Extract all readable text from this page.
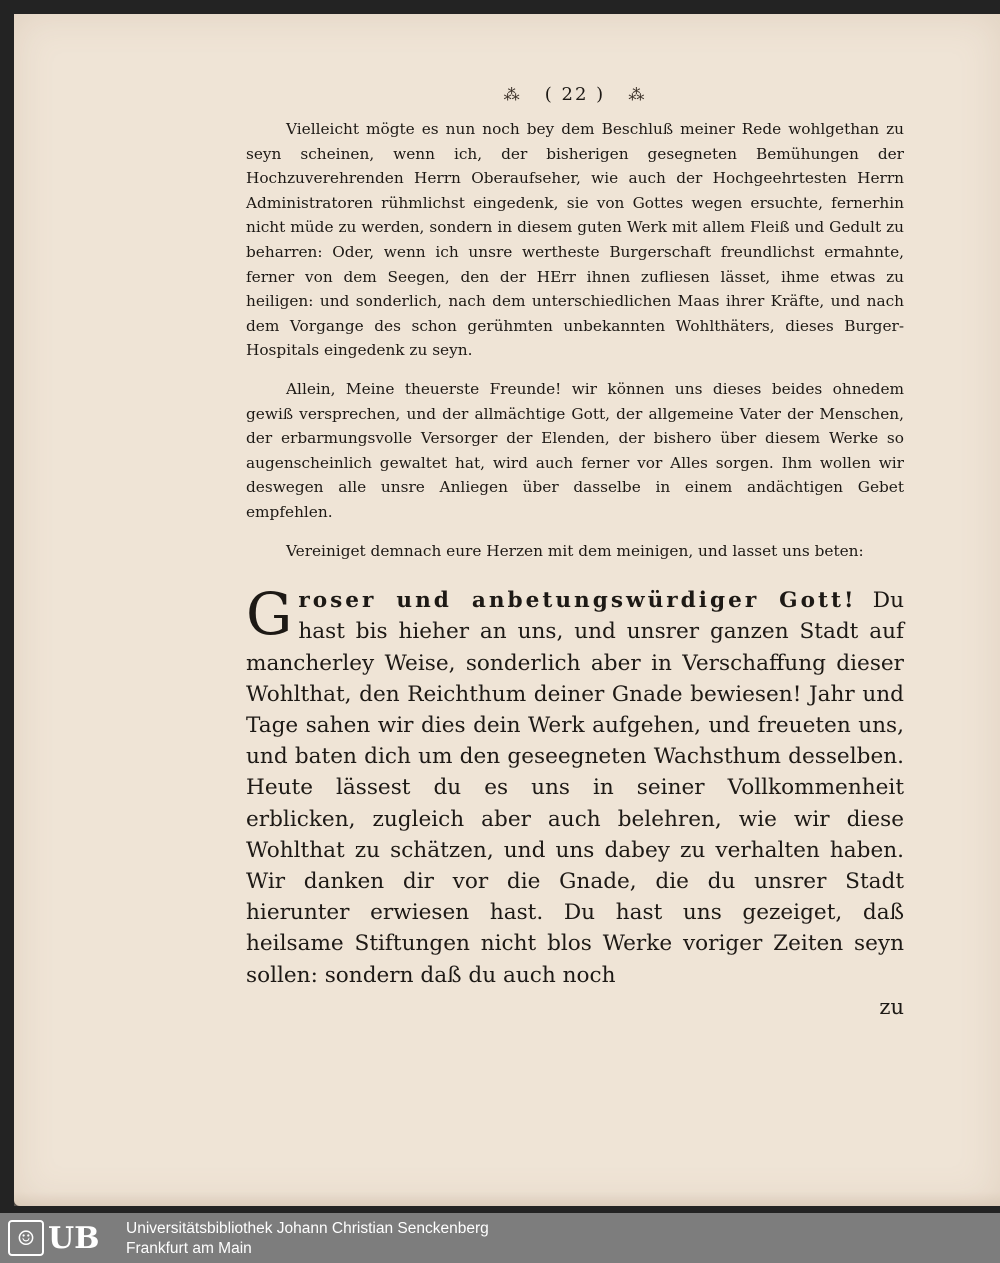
⁂ ( 22 ) ⁂

Vielleicht mögte es nun noch bey dem Beschluß meiner Rede wohlgethan zu seyn scheinen, wenn ich, der bisherigen gesegneten Bemühungen der Hochzuverehrenden Herrn Oberaufseher, wie auch der Hochgeehrtesten Herrn Administratoren rühmlichst eingedenk, sie von Gottes wegen ersuchte, fernerhin nicht müde zu werden, sondern in diesem guten Werk mit allem Fleiß und Gedult zu beharren: Oder, wenn ich unsre wertheste Burgerschaft freundlichst ermahnte, ferner von dem Seegen, den der HErr ihnen zufliesen lässet, ihme etwas zu heiligen: und sonderlich, nach dem unterschiedlichen Maas ihrer Kräfte, und nach dem Vorgange des schon gerühmten unbekannten Wohlthäters, dieses Burger-Hospitals eingedenk zu seyn.

Allein, Meine theuerste Freunde! wir können uns dieses beides ohnedem gewiß versprechen, und der allmächtige Gott, der allgemeine Vater der Menschen, der erbarmungsvolle Versorger der Elenden, der bishero über diesem Werke so augenscheinlich gewaltet hat, wird auch ferner vor Alles sorgen. Ihm wollen wir deswegen alle unsre Anliegen über dasselbe in einem andächtigen Gebet empfehlen.

Vereiniget demnach eure Herzen mit dem meinigen, und lasset uns beten:

Groser und anbetungswürdiger Gott! Du hast bis hieher an uns, und unsrer ganzen Stadt auf mancherley Weise, sonderlich aber in Verschaffung dieser Wohlthat, den Reichthum deiner Gnade bewiesen! Jahr und Tage sahen wir dies dein Werk aufgehen, und freueten uns, und baten dich um den geseegneten Wachsthum desselben. Heute lässest du es uns in seiner Vollkommenheit erblicken, zugleich aber auch belehren, wie wir diese Wohlthat zu schätzen, und uns dabey zu verhalten haben. Wir danken dir vor die Gnade, die du unsrer Stadt hierunter erwiesen hast. Du hast uns gezeiget, daß heilsame Stiftungen nicht blos Werke voriger Zeiten seyn sollen: sondern daß du auch noch

zu
☺ UB Universitätsbibliothek Johann Christian Senckenberg
Frankfurt am Main
